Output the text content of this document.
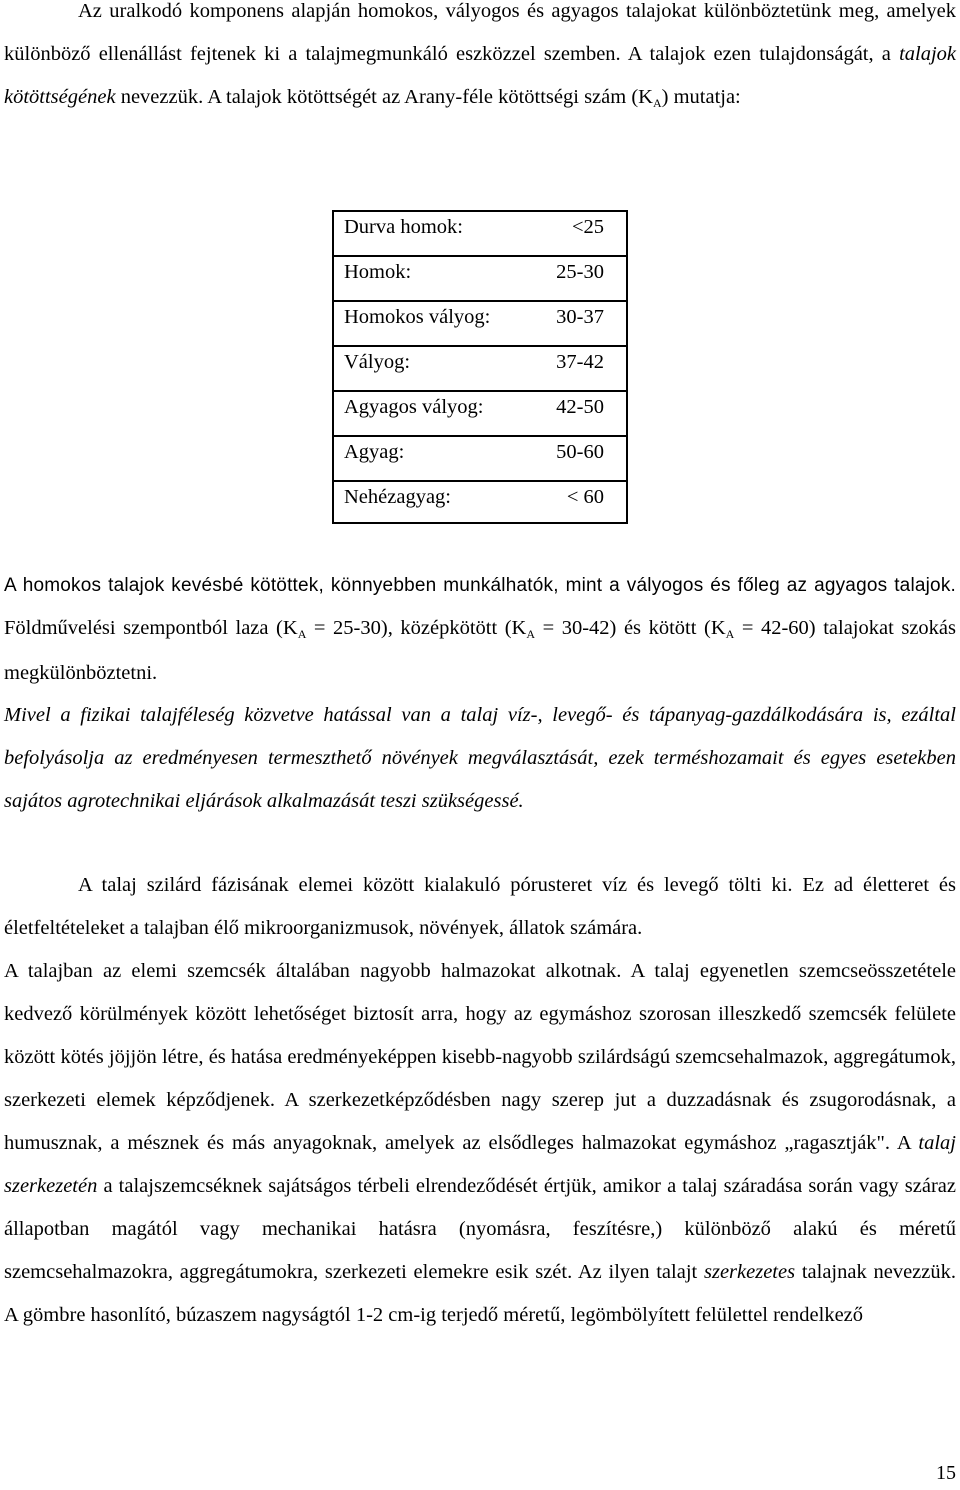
Az uralkodó komponens alapján homokos, vályogos és agyagos talajokat különböztetünk meg, amelyek különböző ellenállást fejtenek ki a talajmegmunkáló eszközzel szemben. A talajok ezen tulajdonságát, a talajok kötöttségének nevezzük. A talajok kötöttségét az Arany-féle kötöttségi szám $(K_A)$ mutatja:

Durva homok:	<25
Homok:	25-30
Homokos vályog:	30-37
Vályog:	37-42
Agyagos vályog:	42-50
Agyag:	50-60
Nehézagyag:	< 60

A homokos talajok kevésbé kötöttek, könnyebben munkálhatók, mint a vályogos és főleg az agyagos talajok. Földművelési szempontból laza $(K_A = 25-30)$, középkötött $(K_A = 30-42)$ és kötött $(K_A = 42-60)$ talajokat szokás megkülönböztetni.

Mivel a fizikai talajféleség közvetve hatással van a talaj víz-, levegő- és tápanyag-gazdálkodására is, ezáltal befolyásolja az eredményesen termeszthető növények megválasztását, ezek terméshozamait és egyes esetekben sajátos agrotechnikai eljárások alkalmazását teszi szükségessé.

A talaj szilárd fázisának elemei között kialakuló pórusteret víz és levegő tölti ki. Ez ad életteret és életfeltételeket a talajban élő mikroorganizmusok, növények, állatok számára.

A talajban az elemi szemcsék általában nagyobb halmazokat alkotnak. A talaj egyenetlen szemcseösszetétele kedvező körülmények között lehetőséget biztosít arra, hogy az egymáshoz szorosan illeszkedő szemcsék felülete között kötés jöjjön létre, és hatása eredményeképpen kisebb-nagyobb szilárdságú szemcsehalmazok, aggregátumok, szerkezeti elemek képződjenek. A szerkezetképződésben nagy szerep jut a duzzadásnak és zsugorodásnak, a humusznak, a mésznek és más anyagoknak, amelyek az elsődleges halmazokat egymáshoz „ragasztják". A talaj szerkezetén a talajszemcséknek sajátságos térbeli elrendeződését értjük, amikor a talaj száradása során vagy száraz állapotban magától vagy mechanikai hatásra (nyomásra, feszítésre,) különböző alakú és méretű szemcsehalmazokra, aggregátumokra, szerkezeti elemekre esik szét. Az ilyen talajt szerkezetes talajnak nevezzük. A gömbre hasonlító, búzaszem nagyságtól 1-2 cm-ig terjedő méretű, legömbölyített felülettel rendelkező

15
